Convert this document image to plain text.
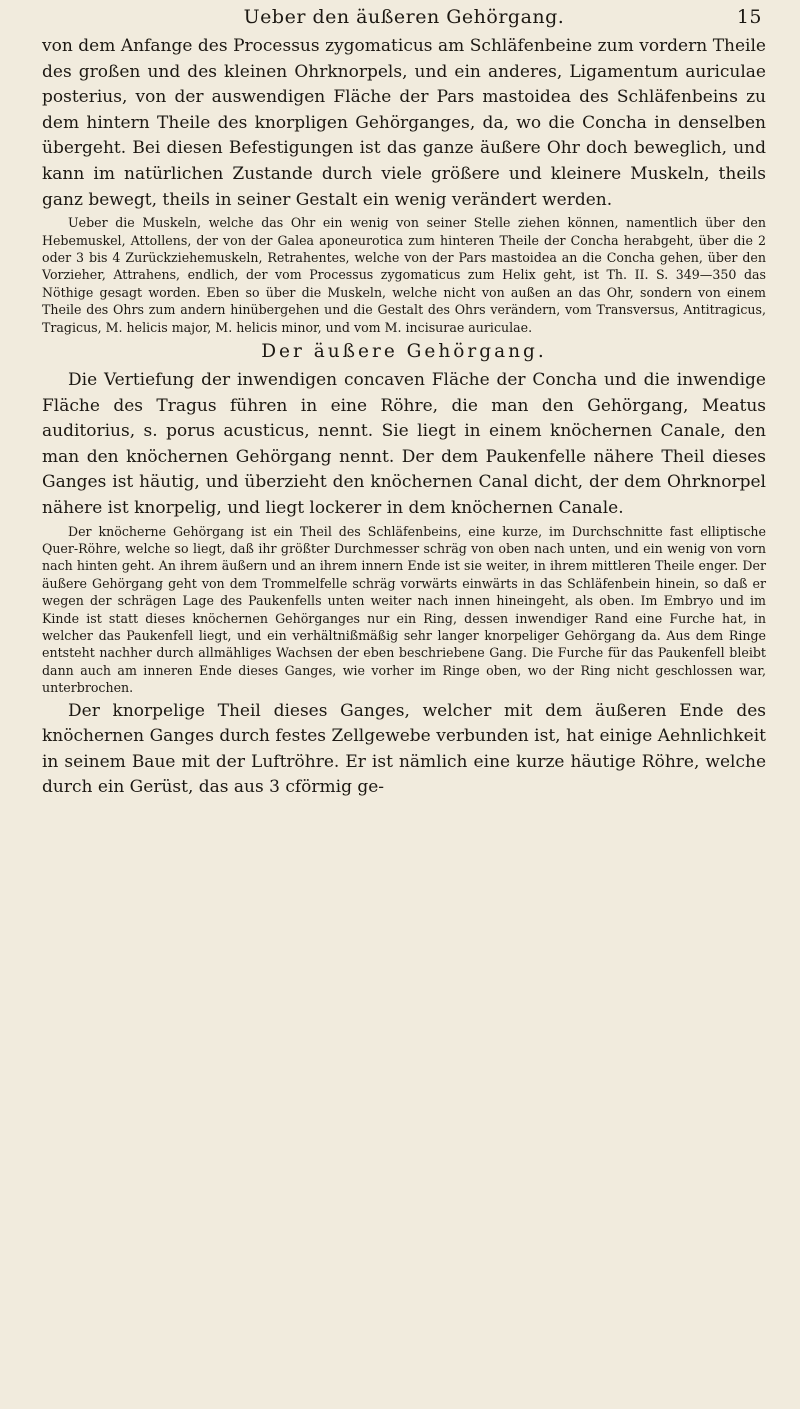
Ueber den äußeren Gehörgang.	15

von dem Anfange des Processus zygomaticus am Schläfenbeine zum vordern Theile des großen und des kleinen Ohrknorpels, und ein anderes, Ligamentum auriculae posterius, von der auswendigen Fläche der Pars mastoidea des Schläfenbeins zu dem hintern Theile des knorpligen Gehörganges, da, wo die Concha in denselben übergeht. Bei diesen Befestigungen ist das ganze äußere Ohr doch beweglich, und kann im natürlichen Zustande durch viele größere und kleinere Muskeln, theils ganz bewegt, theils in seiner Gestalt ein wenig verändert werden.

Ueber die Muskeln, welche das Ohr ein wenig von seiner Stelle ziehen können, namentlich über den Hebemuskel, Attollens, der von der Galea aponeurotica zum hinteren Theile der Concha herabgeht, über die 2 oder 3 bis 4 Zurückziehemuskeln, Retrahentes, welche von der Pars mastoidea an die Concha gehen, über den Vorzieher, Attrahens, endlich, der vom Processus zygomaticus zum Helix geht, ist Th. II. S. 349—350 das Nöthige gesagt worden. Eben so über die Muskeln, welche nicht von außen an das Ohr, sondern von einem Theile des Ohrs zum andern hinübergehen und die Gestalt des Ohrs verändern, vom Transversus, Antitragicus, Tragicus, M. helicis major, M. helicis minor, und vom M. incisurae auriculae.

Der äußere Gehörgang.

Die Vertiefung der inwendigen concaven Fläche der Concha und die inwendige Fläche des Tragus führen in eine Röhre, die man den Gehörgang, Meatus auditorius, s. porus acusticus, nennt. Sie liegt in einem knöchernen Canale, den man den knöchernen Gehörgang nennt. Der dem Paukenfelle nähere Theil dieses Ganges ist häutig, und überzieht den knöchernen Canal dicht, der dem Ohrknorpel nähere ist knorpelig, und liegt lockerer in dem knöchernen Canale.

Der knöcherne Gehörgang ist ein Theil des Schläfenbeins, eine kurze, im Durchschnitte fast elliptische Quer-Röhre, welche so liegt, daß ihr größter Durchmesser schräg von oben nach unten, und ein wenig von vorn nach hinten geht. An ihrem äußern und an ihrem innern Ende ist sie weiter, in ihrem mittleren Theile enger. Der äußere Gehörgang geht von dem Trommelfelle schräg vorwärts einwärts in das Schläfenbein hinein, so daß er wegen der schrägen Lage des Paukenfells unten weiter nach innen hineingeht, als oben. Im Embryo und im Kinde ist statt dieses knöchernen Gehörganges nur ein Ring, dessen inwendiger Rand eine Furche hat, in welcher das Paukenfell liegt, und ein verhältnißmäßig sehr langer knorpeliger Gehörgang da. Aus dem Ringe entsteht nachher durch allmähliges Wachsen der eben beschriebene Gang. Die Furche für das Paukenfell bleibt dann auch am inneren Ende dieses Ganges, wie vorher im Ringe oben, wo der Ring nicht geschlossen war, unterbrochen.

Der knorpelige Theil dieses Ganges, welcher mit dem äußeren Ende des knöchernen Ganges durch festes Zellgewebe verbunden ist, hat einige Aehnlichkeit in seinem Baue mit der Luftröhre. Er ist nämlich eine kurze häutige Röhre, welche durch ein Gerüst, das aus 3 cförmig ge-
